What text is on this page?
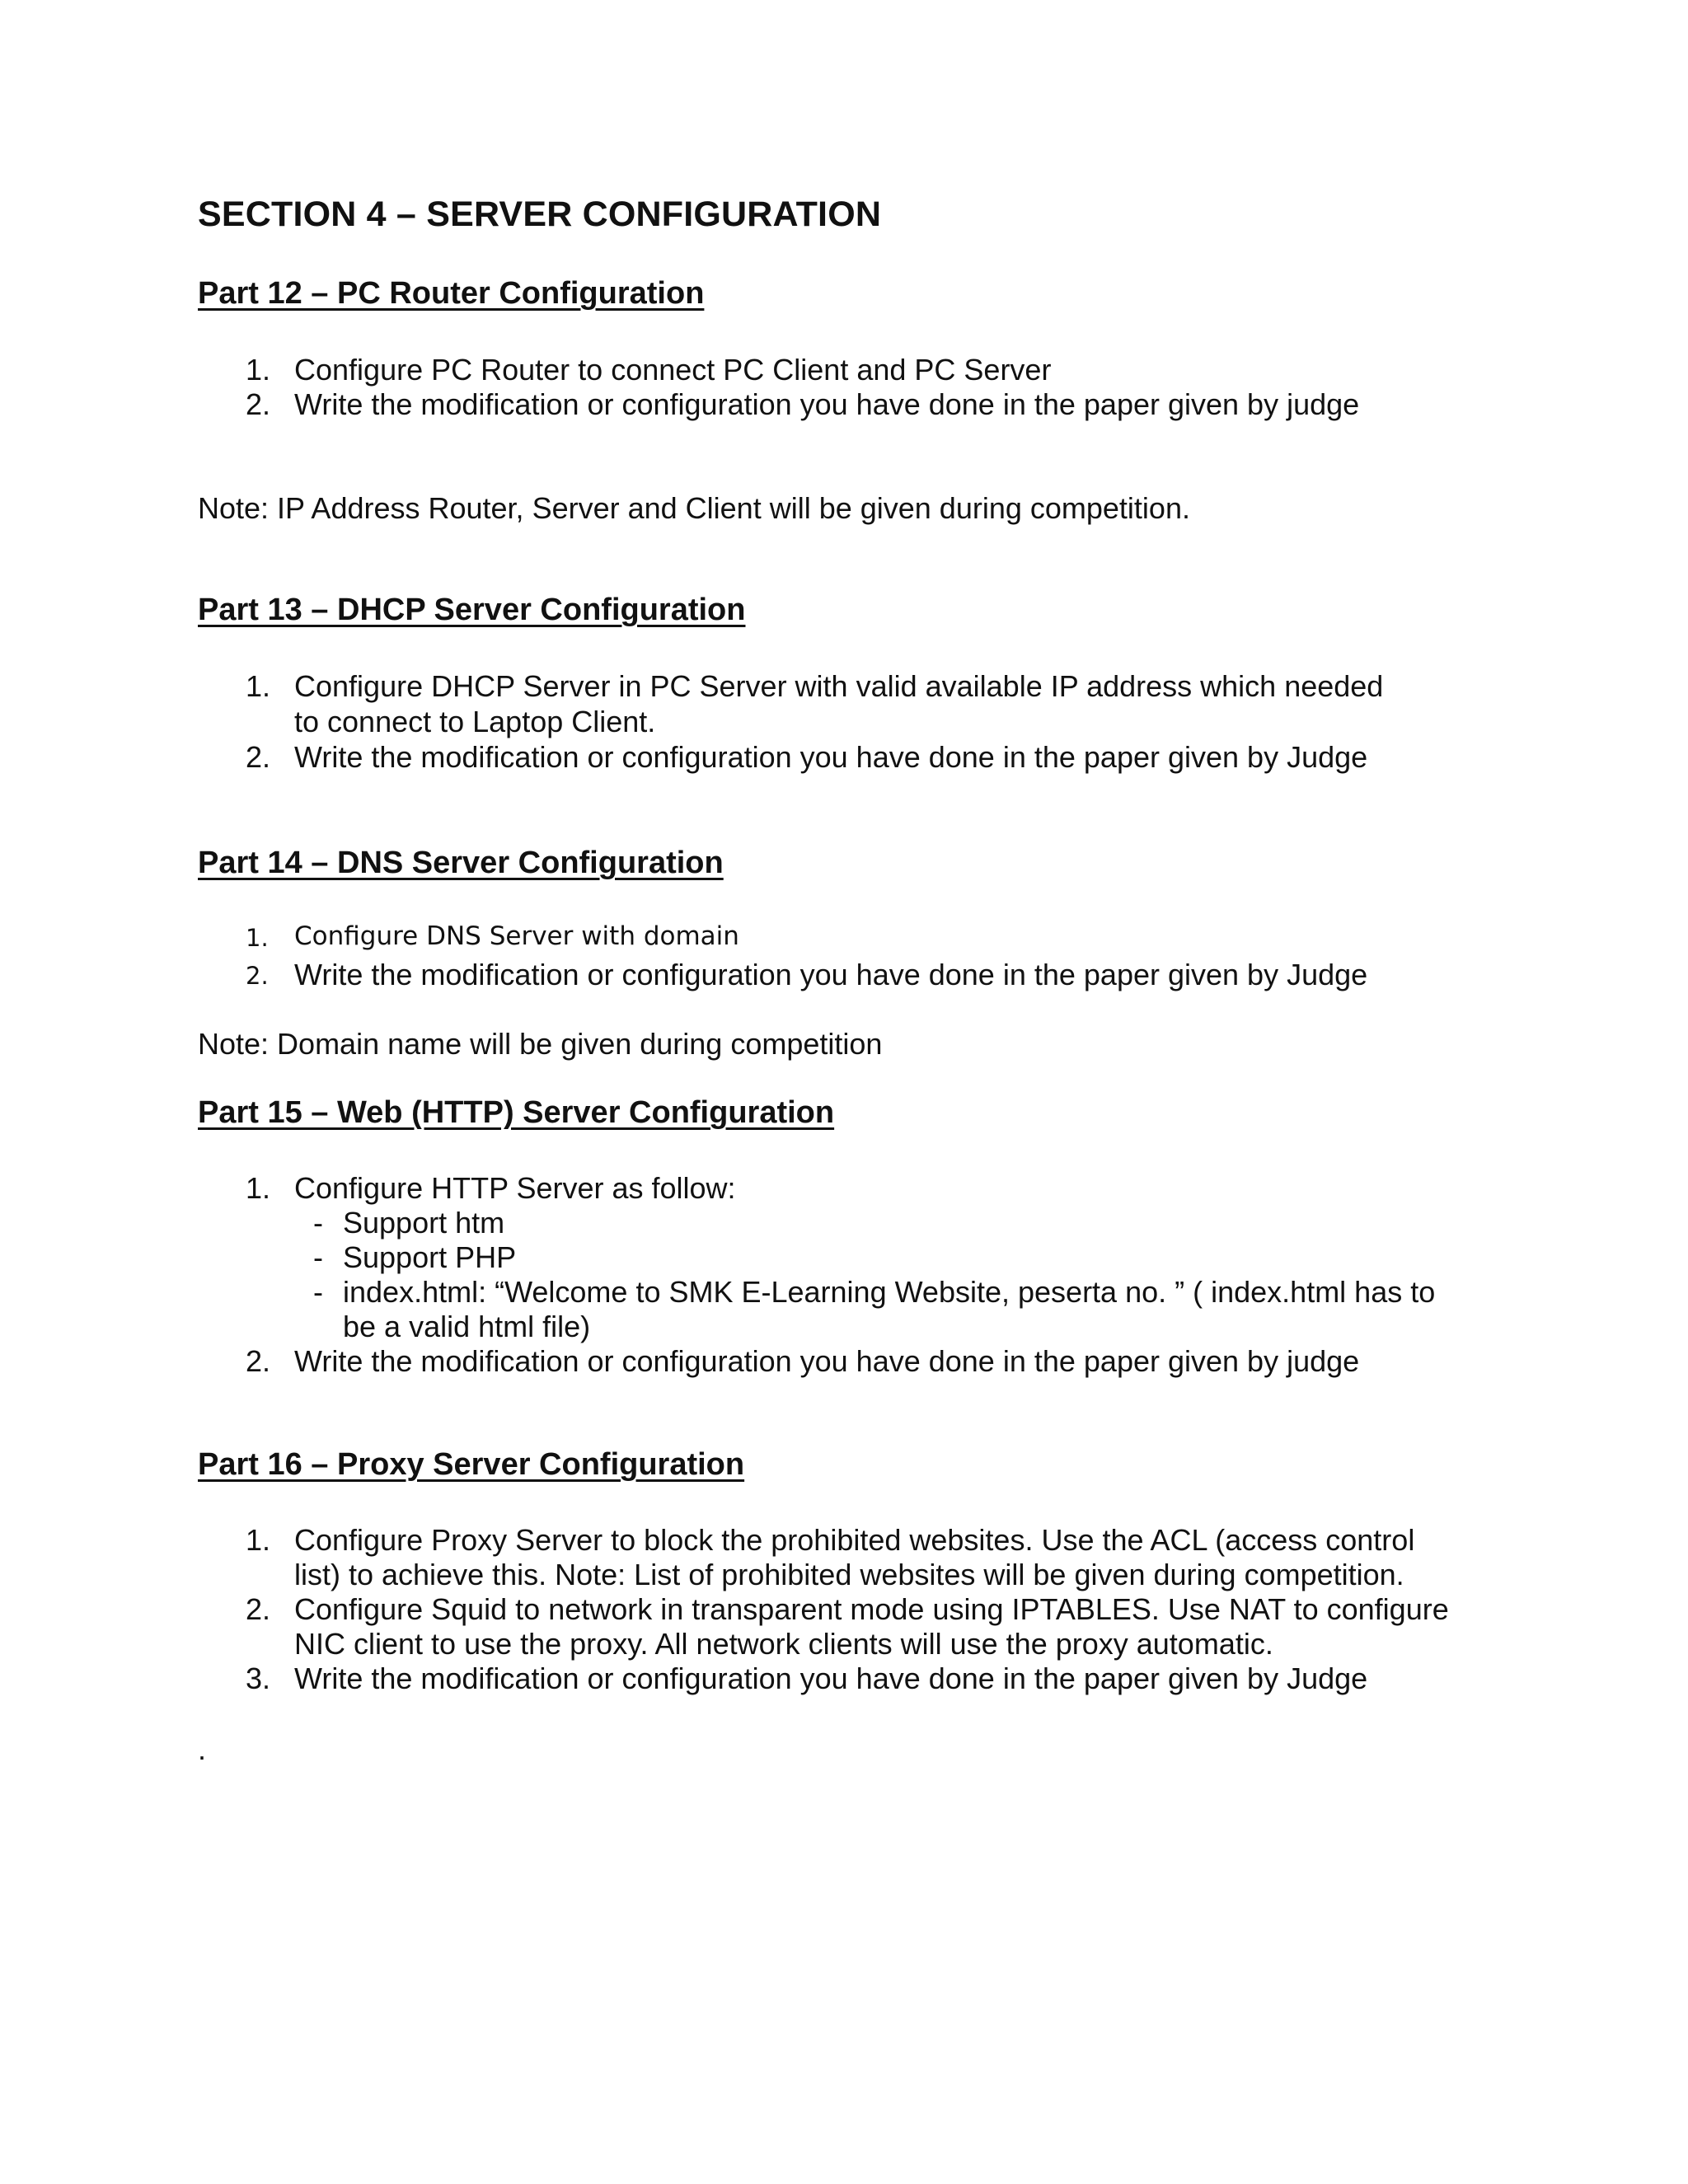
SECTION 4 – SERVER CONFIGURATION
Part 12 – PC Router Configuration
1. Configure PC Router to connect PC Client and PC Server
2. Write the modification or configuration you have done in the paper given by judge
Note: IP Address Router, Server and Client will be given during competition.
Part 13 – DHCP Server Configuration
1. Configure DHCP Server in PC Server with valid available IP address which needed
to connect to Laptop Client.
2. Write the modification or configuration you have done in the paper given by Judge
Part 14 – DNS Server Configuration
1. Configure DNS Server with domain
2. Write the modification or configuration you have done in the paper given by Judge
Note: Domain name will be given during competition
Part 15 – Web (HTTP) Server Configuration
1. Configure HTTP Server as follow:
- Support htm
- Support PHP
- index.html: “Welcome to SMK E-Learning Website, peserta no. ” ( index.html has to
be a valid html file)
2. Write the modification or configuration you have done in the paper given by judge
Part 16 – Proxy Server Configuration
1. Configure Proxy Server to block the prohibited websites. Use the ACL (access control
list) to achieve this. Note: List of prohibited websites will be given during competition.
2. Configure Squid to network in transparent mode using IPTABLES. Use NAT to configure
NIC client to use the proxy. All network clients will use the proxy automatic.
3. Write the modification or configuration you have done in the paper given by Judge
.
